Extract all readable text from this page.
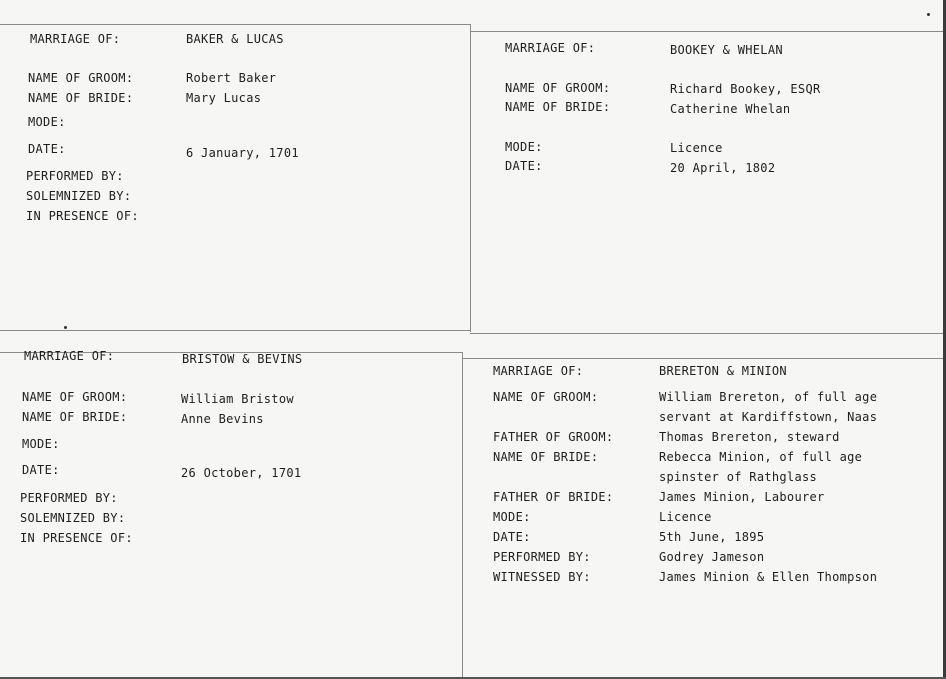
MARRIAGE OF:	BAKER & LUCAS
NAME OF GROOM:	Robert Baker
NAME OF BRIDE:	Mary Lucas
MODE:
DATE:	6 January, 1701
PERFORMED BY:
SOLEMNIZED BY:
IN PRESENCE OF:
MARRIAGE OF:	BOOKEY & WHELAN
NAME OF GROOM:	Richard Bookey, ESQR
NAME OF BRIDE:	Catherine Whelan
MODE:	Licence
DATE:	20 April, 1802
MARRIAGE OF:	BRISTOW & BEVINS
NAME OF GROOM:	William Bristow
NAME OF BRIDE:	Anne Bevins
MODE:
DATE:	26 October, 1701
PERFORMED BY:
SOLEMNIZED BY:
IN PRESENCE OF:
MARRIAGE OF:	BRERETON & MINION
NAME OF GROOM:	William Brereton, of full age
servant at Kardiffstown, Naas
FATHER OF GROOM:	Thomas Brereton, steward
NAME OF BRIDE:	Rebecca Minion, of full age
spinster of Rathglass
FATHER OF BRIDE:	James Minion, Labourer
MODE:	Licence
DATE:	5th June, 1895
PERFORMED BY:	Godrey Jameson
WITNESSED BY:	James Minion & Ellen Thompson
